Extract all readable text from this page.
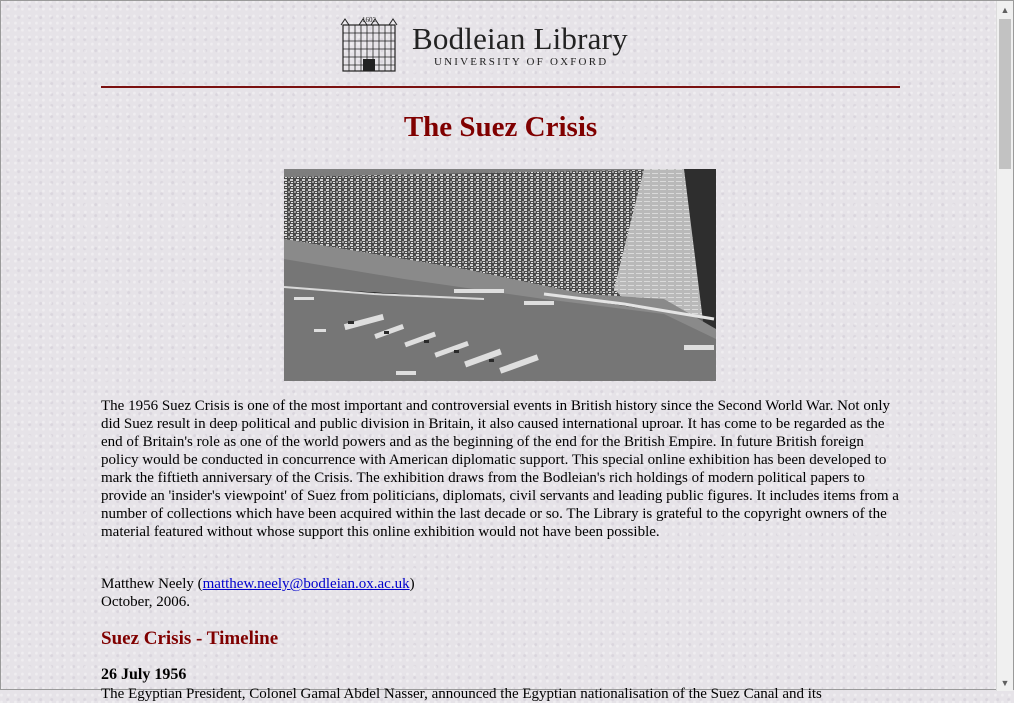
1602
Bodleian Library
UNIVERSITY OF OXFORD
The Suez Crisis

The 1956 Suez Crisis is one of the most important and controversial events in British history since the Second World War. Not only did Suez result in deep political and public division in Britain, it also caused international uproar. It has come to be regarded as the end of Britain's role as one of the world powers and as the beginning of the end for the British Empire. In future British foreign policy would be conducted in concurrence with American diplomatic support. This special online exhibition has been developed to mark the fiftieth anniversary of the Crisis. The exhibition draws from the Bodleian's rich holdings of modern political papers to provide an 'insider's viewpoint' of Suez from politicians, diplomats, civil servants and leading public figures. It includes items from a number of collections which have been acquired within the last decade or so. The Library is grateful to the copyright owners of the material featured without whose support this online exhibition would not have been possible.

Matthew Neely (matthew.neely@bodleian.ox.ac.uk)
October, 2006.
Suez Crisis - Timeline
26 July 1956
The Egyptian President, Colonel Gamal Abdel Nasser, announced the Egyptian nationalisation of the Suez Canal and its
▲
▼
